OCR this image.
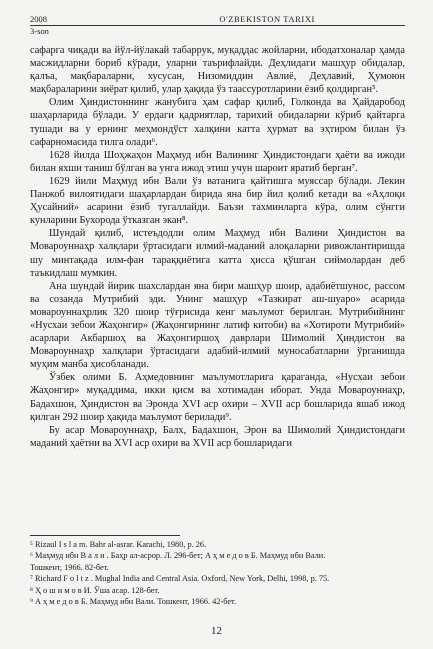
2008	O'ZBEKISTON TARIXI
3-son

сафарга чиқади ва йўл-йўлакай табаррук, муқаддас жойларни, ибодатхоналар ҳамда масжидларни бориб кўради, уларни таърифлайди. Деҳлидаги машҳур обидалар, қалъа, мақбараларни, хусусан, Низомиддин Авлиё, Деҳлавий, Ҳумоюн мақбараларини зиёрат қилиб, улар ҳақида ўз таассуротларини ёзиб қолдирган⁵.

Олим Ҳиндистоннинг жанубига ҳам сафар қилиб, Голконда ва Ҳайдаробод шаҳарларида бўлади. У ердаги қадриятлар, тарихий обидаларни кўриб қайтарга тушади ва у ернинг меҳмондўст халқини катта ҳурмат ва эҳтиром билан ўз сафарномасида тилга олади⁶.

1628 йилда Шоҳжаҳон Маҳмуд ибн Валининг Ҳиндистондаги ҳаёти ва ижоди билан яхши таниш бўлган ва унга ижод этиш учун шароит яратиб берган⁷.

1629 йили Маҳмуд ибн Вали ўз ватанига қайтишга муяссар бўлади. Лекин Панжоб вилоятидаги шаҳарлардан бирида яна бир йил қолиб кетади ва «Аҳлоқи Ҳусайний» асарини ёзиб тугаллайди. Баъзи тахминларга кўра, олим сўнгги кунларини Бухорода ўтказган экан⁸.

Шундай қилиб, истеъдодли олим Маҳмуд ибн Валини Ҳиндистон ва Мовароуннаҳр халқлари ўртасидаги илмий-маданий алоқаларни ривожлантиришда шу минтақада илм-фан тараққиётига катта ҳисса қўшган сиймолардан деб таъкидлаш мумкин.

Ана шундай йирик шахслардан яна бири машҳур шоир, адабиётшунос, рассом ва созанда Мутрибий эди. Унинг машҳур «Тазкират аш-шуаро» асарида мовароуннаҳрлик 320 шоир тўғрисида кенг маълумот берилган. Мутрибийнинг «Нусхаи зебои Жаҳонгир» (Жаҳонгирнинг латиф китоби) ва «Хотироти Мутрибий» асарлари Акбаршоҳ ва Жаҳонгиршоҳ даврлари Шимолий Ҳиндистон ва Мовароуннаҳр халқлари ўртасидаги адабий-илмий муносабатларни ўрганишда муҳим манба ҳисобланади.

Ўзбек олими Б. Аҳмедовнинг маълумотларига қараганда, «Нусхаи зебои Жаҳонгир» муқаддима, икки қисм ва хотимадан иборат. Унда Мовароуннаҳр, Бадахшон, Ҳиндистон ва Эронда XVI аср охири – XVII аср бошларида яшаб ижод қилган 292 шоир ҳақида маълумот берилади⁹.

Бу асар Мовароуннаҳр, Балх, Бадахшон, Эрон ва Шимолий Ҳиндистондаги маданий ҳаётни ва XVI аср охири ва XVII аср бошларидаги

⁵ Rizaul I s l a m. Bahr al-asrar. Karachi, 1980, p. 26.
⁶ Маҳмуд ибн В а л и . Баҳр ал-асрор. Л. 296-бет; А ҳ м е д о в Б. Маҳмуд ибн Вали.
Тошкент, 1966. 82-бет.
⁷ Richard F o l t z . Mughal India and Central Asia. Oxford, New York, Delhi, 1998, p. 75.
⁸ Ҳ о ш и м о в И. Ўша асар. 128-бет.
⁹ А ҳ м е д о в Б. Маҳмуд ибн Вали. Тошкент, 1966. 42-бет.
12
